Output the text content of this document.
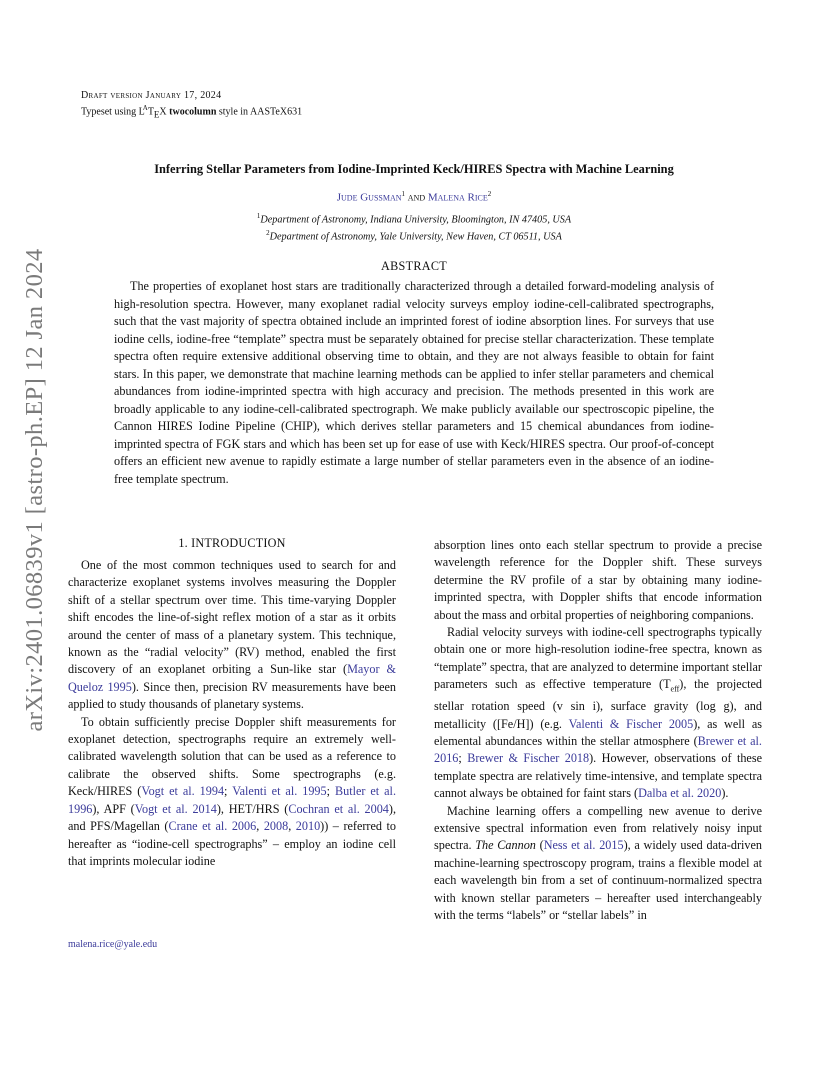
arXiv:2401.06839v1 [astro-ph.EP] 12 Jan 2024
Draft version January 17, 2024
Typeset using $L^AT_EX$ twocolumn style in AASTeX631
Inferring Stellar Parameters from Iodine-Imprinted Keck/HIRES Spectra with Machine Learning
Jude Gussman$^1$ and Malena Rice$^2$
$^1$Department of Astronomy, Indiana University, Bloomington, IN 47405, USA
$^2$Department of Astronomy, Yale University, New Haven, CT 06511, USA
ABSTRACT

The properties of exoplanet host stars are traditionally characterized through a detailed forward-modeling analysis of high-resolution spectra. However, many exoplanet radial velocity surveys employ iodine-cell-calibrated spectrographs, such that the vast majority of spectra obtained include an imprinted forest of iodine absorption lines. For surveys that use iodine cells, iodine-free “template” spectra must be separately obtained for precise stellar characterization. These template spectra often require extensive additional observing time to obtain, and they are not always feasible to obtain for faint stars. In this paper, we demonstrate that machine learning methods can be applied to infer stellar parameters and chemical abundances from iodine-imprinted spectra with high accuracy and precision. The methods presented in this work are broadly applicable to any iodine-cell-calibrated spectrograph. We make publicly available our spectroscopic pipeline, the Cannon HIRES Iodine Pipeline (CHIP), which derives stellar parameters and 15 chemical abundances from iodine-imprinted spectra of FGK stars and which has been set up for ease of use with Keck/HIRES spectra. Our proof-of-concept offers an efficient new avenue to rapidly estimate a large number of stellar parameters even in the absence of an iodine-free template spectrum.

1. INTRODUCTION

One of the most common techniques used to search for and characterize exoplanet systems involves measuring the Doppler shift of a stellar spectrum over time. This time-varying Doppler shift encodes the line-of-sight reflex motion of a star as it orbits around the center of mass of a planetary system. This technique, known as the “radial velocity” (RV) method, enabled the first discovery of an exoplanet orbiting a Sun-like star (Mayor & Queloz 1995). Since then, precision RV measurements have been applied to study thousands of planetary systems.

To obtain sufficiently precise Doppler shift measurements for exoplanet detection, spectrographs require an extremely well-calibrated wavelength solution that can be used as a reference to calibrate the observed shifts. Some spectrographs (e.g. Keck/HIRES (Vogt et al. 1994; Valenti et al. 1995; Butler et al. 1996), APF (Vogt et al. 2014), HET/HRS (Cochran et al. 2004), and PFS/Magellan (Crane et al. 2006, 2008, 2010)) – referred to hereafter as “iodine-cell spectrographs” – employ an iodine cell that imprints molecular iodine

absorption lines onto each stellar spectrum to provide a precise wavelength reference for the Doppler shift. These surveys determine the RV profile of a star by obtaining many iodine-imprinted spectra, with Doppler shifts that encode information about the mass and orbital properties of neighboring companions.

Radial velocity surveys with iodine-cell spectrographs typically obtain one or more high-resolution iodine-free spectra, known as “template” spectra, that are analyzed to determine important stellar parameters such as effective temperature $(T_{eff})$, the projected stellar rotation speed (v sin i), surface gravity (log g), and metallicity ([Fe/H]) (e.g. Valenti & Fischer 2005), as well as elemental abundances within the stellar atmosphere (Brewer et al. 2016; Brewer & Fischer 2018). However, observations of these template spectra are relatively time-intensive, and template spectra cannot always be obtained for faint stars (Dalba et al. 2020).

Machine learning offers a compelling new avenue to derive extensive spectral information even from relatively noisy input spectra. The Cannon (Ness et al. 2015), a widely used data-driven machine-learning spectroscopy program, trains a flexible model at each wavelength bin from a set of continuum-normalized spectra with known stellar parameters – hereafter used interchangeably with the terms “labels” or “stellar labels” in

malena.rice@yale.edu
